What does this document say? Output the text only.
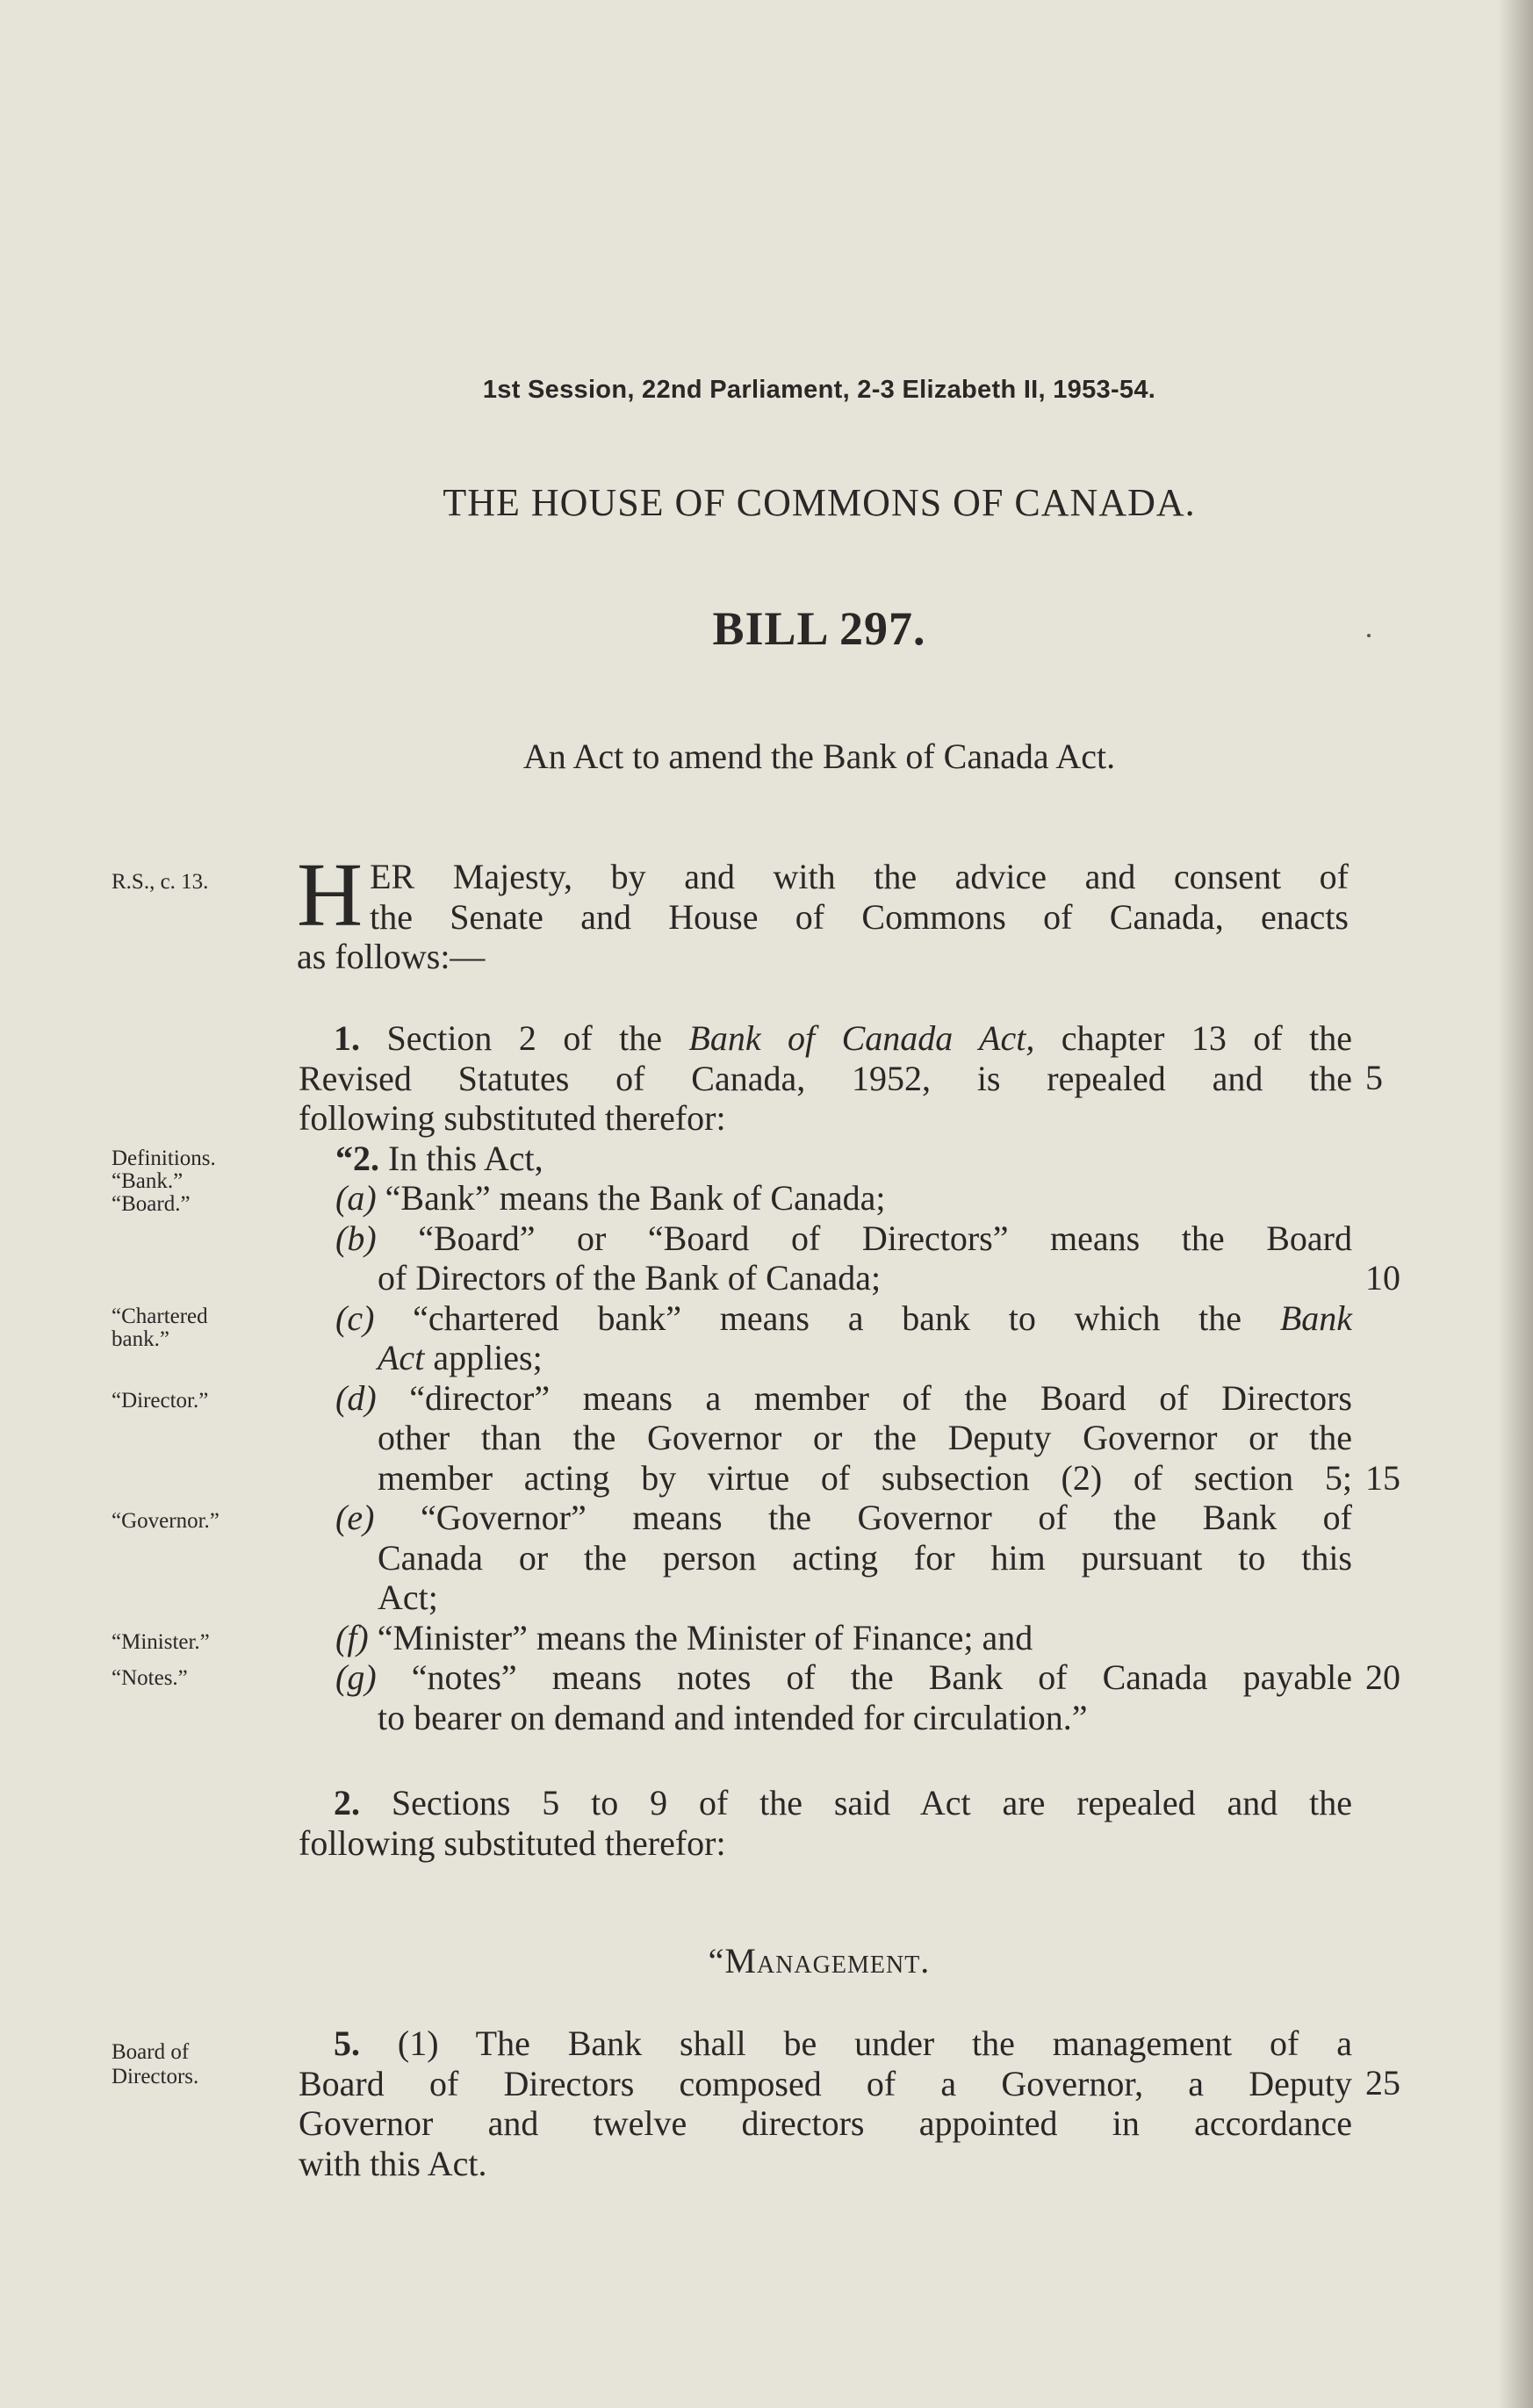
1st Session, 22nd Parliament, 2-3 Elizabeth II, 1953-54.
THE HOUSE OF COMMONS OF CANADA.
BILL 297.
An Act to amend the Bank of Canada Act.
R.S., c. 13.
Definitions.
“Bank.”
“Board.”
“Chartered
bank.”
“Director.”
“Governor.”
“Minister.”
“Notes.”
Board of
Directors.
H ER Majesty, by and with the advice and consent of
the Senate and House of Commons of Canada, enacts
as follows:—
1. Section 2 of the Bank of Canada Act, chapter 13 of the
Revised Statutes of Canada, 1952, is repealed and the
following substituted therefor:
“2. In this Act,
(a) “Bank” means the Bank of Canada;
(b) “Board” or “Board of Directors” means the Board
of Directors of the Bank of Canada;
(c) “chartered bank” means a bank to which the Bank
Act applies;
(d) “director” means a member of the Board of Directors
other than the Governor or the Deputy Governor or the
member acting by virtue of subsection (2) of section 5;
(e) “Governor” means the Governor of the Bank of
Canada or the person acting for him pursuant to this
Act;
(f) “Minister” means the Minister of Finance; and
(g) “notes” means notes of the Bank of Canada payable
to bearer on demand and intended for circulation.”
2. Sections 5 to 9 of the said Act are repealed and the
following substituted therefor:
“Management.
5. (1) The Bank shall be under the management of a
Board of Directors composed of a Governor, a Deputy
Governor and twelve directors appointed in accordance
with this Act.
5
10
15
20
25
